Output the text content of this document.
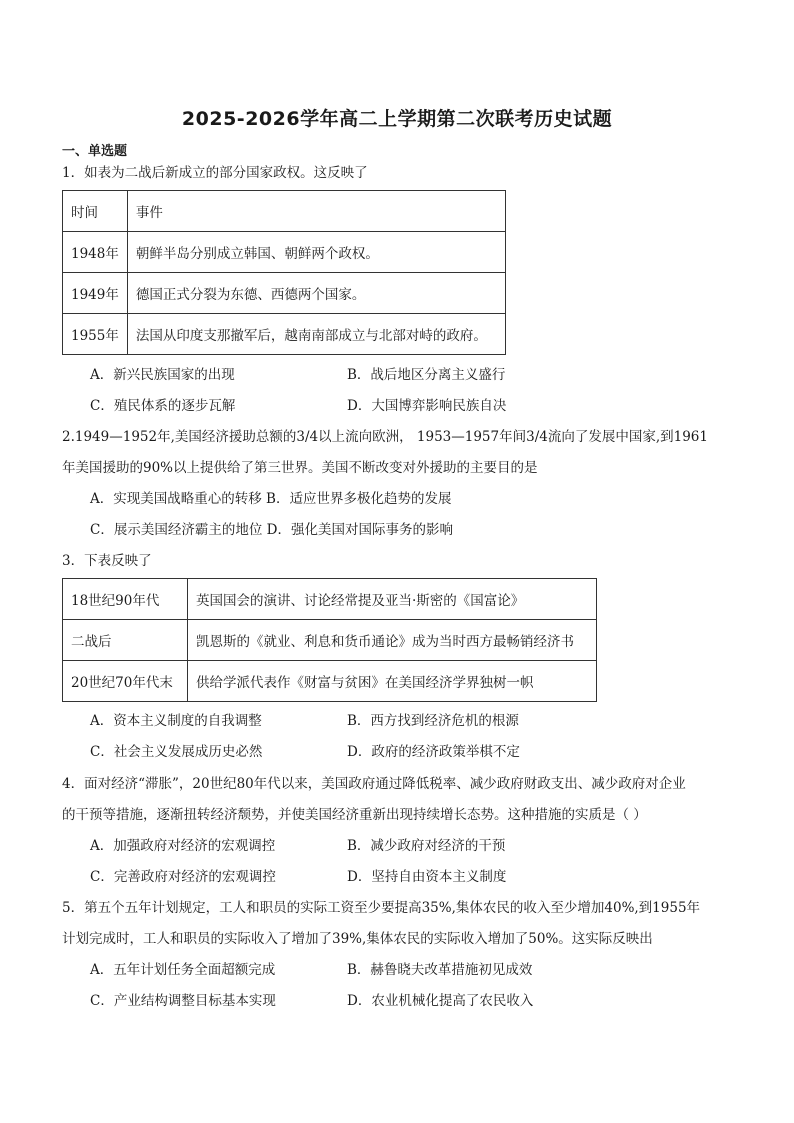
2025-2026学年高二上学期第二次联考历史试题
一、单选题

1．如表为二战后新成立的部分国家政权。这反映了

时间	事件
1948年	朝鲜半岛分别成立韩国、朝鲜两个政权。
1949年	德国正式分裂为东德、西德两个国家。
1955年	法国从印度支那撤军后，越南南部成立与北部对峙的政府。
A．新兴民族国家的出现	B．战后地区分离主义盛行
C．殖民体系的逐步瓦解	D．大国博弈影响民族自决

2.1949—1952年,美国经济援助总额的3/4以上流向欧洲， 1953—1957年间3/4流向了发展中国家,到1961

年美国援助的90%以上提供给了第三世界。美国不断改变对外援助的主要目的是

A．实现美国战略重心的转移 B．适应世界多极化趋势的发展
C．展示美国经济霸主的地位 D．强化美国对国际事务的影响

3．下表反映了

18世纪90年代	英国国会的演讲、讨论经常提及亚当·斯密的《国富论》
二战后	凯恩斯的《就业、利息和货币通论》成为当时西方最畅销经济书
20世纪70年代末	供给学派代表作《财富与贫困》在美国经济学界独树一帜
A．资本主义制度的自我调整	B．西方找到经济危机的根源
C．社会主义发展成历史必然	D．政府的经济政策举棋不定

4．面对经济“滞胀”，20世纪80年代以来，美国政府通过降低税率、减少政府财政支出、减少政府对企业

的干预等措施，逐渐扭转经济颓势，并使美国经济重新出现持续增长态势。这种措施的实质是（ ）

A．加强政府对经济的宏观调控	B．减少政府对经济的干预
C．完善政府对经济的宏观调控	D．坚持自由资本主义制度

5．第五个五年计划规定，工人和职员的实际工资至少要提高35%,集体农民的收入至少增加40%,到1955年

计划完成时，工人和职员的实际收入了增加了39%,集体农民的实际收入增加了50%。这实际反映出

A．五年计划任务全面超额完成	B．赫鲁晓夫改革措施初见成效
C．产业结构调整目标基本实现	D．农业机械化提高了农民收入
